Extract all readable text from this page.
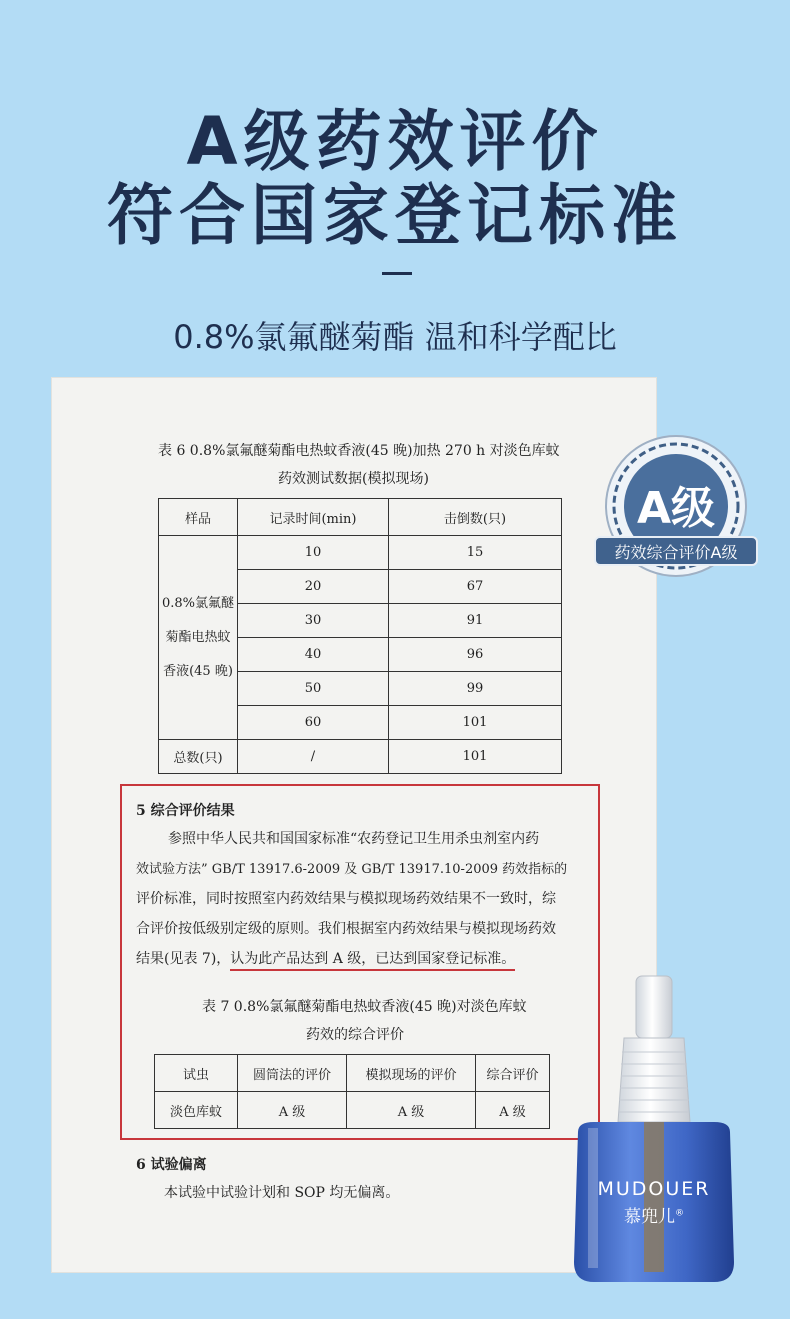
A级药效评价
符合国家登记标准
0.8%氯氟醚菊酯 温和科学配比
表 6 0.8%氯氟醚菊酯电热蚊香液(45 晚)加热 270 h 对淡色库蚊
药效测试数据(模拟现场)
样品	记录时间(min)	击倒数(只)

0.8%氯氟醚
菊酯电热蚊
香液(45 晚)	10	15
	20	67
	30	91
	40	96
	50	99
	60	101
总数(只)	/	101
5 综合评价结果
参照中华人民共和国国家标准“农药登记卫生用杀虫剂室内药
效试验方法” GB/T 13917.6-2009 及 GB/T 13917.10-2009 药效指标的
评价标准，同时按照室内药效结果与模拟现场药效结果不一致时，综
合评价按低级别定级的原则。我们根据室内药效结果与模拟现场药效
结果(见表 7)，认为此产品达到 A 级，已达到国家登记标准。
表 7 0.8%氯氟醚菊酯电热蚊香液(45 晚)对淡色库蚊
药效的综合评价
试虫	圆筒法的评价	模拟现场的评价	综合评价
淡色库蚊	A 级	A 级	A 级
6 试验偏离
本试验中试验计划和 SOP 均无偏离。
A级
药效综合评价A级
MUDOUER
慕兜儿®
